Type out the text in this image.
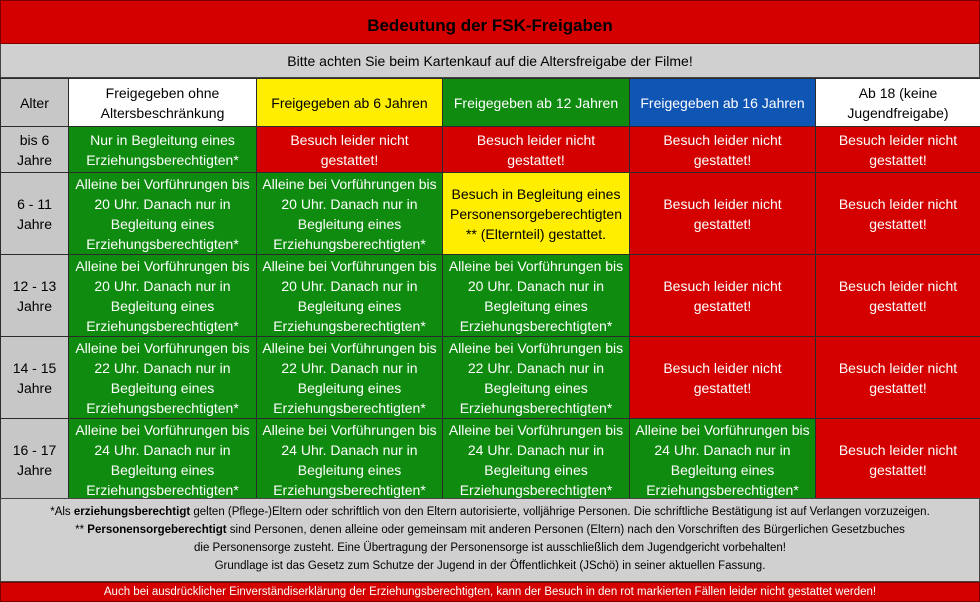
Bedeutung der FSK-Freigaben
Bitte achten Sie beim Kartenkauf auf die Altersfreigabe der Filme!
Alter	Freigegeben ohne Altersbeschränkung	Freigegeben ab 6 Jahren	Freigegeben ab 12 Jahren	Freigegeben ab 16 Jahren	Ab 18 (keine Jugendfreigabe)
bis 6 Jahre	Nur in Begleitung eines Erziehungsberechtigten*	Besuch leider nicht gestattet!	Besuch leider nicht gestattet!	Besuch leider nicht gestattet!	Besuch leider nicht gestattet!
6 - 11 Jahre	Alleine bei Vorführungen bis 20 Uhr. Danach nur in Begleitung eines Erziehungsberechtigten*	Alleine bei Vorführungen bis 20 Uhr. Danach nur in Begleitung eines Erziehungsberechtigten*	Besuch in Begleitung eines Personensorgeberechtigten ** (Elternteil) gestattet.	Besuch leider nicht gestattet!	Besuch leider nicht gestattet!
12 - 13 Jahre	Alleine bei Vorführungen bis 20 Uhr. Danach nur in Begleitung eines Erziehungsberechtigten*	Alleine bei Vorführungen bis 20 Uhr. Danach nur in Begleitung eines Erziehungsberechtigten*	Alleine bei Vorführungen bis 20 Uhr. Danach nur in Begleitung eines Erziehungsberechtigten*	Besuch leider nicht gestattet!	Besuch leider nicht gestattet!
14 - 15 Jahre	Alleine bei Vorführungen bis 22 Uhr. Danach nur in Begleitung eines Erziehungsberechtigten*	Alleine bei Vorführungen bis 22 Uhr. Danach nur in Begleitung eines Erziehungsberechtigten*	Alleine bei Vorführungen bis 22 Uhr. Danach nur in Begleitung eines Erziehungsberechtigten*	Besuch leider nicht gestattet!	Besuch leider nicht gestattet!
16 - 17 Jahre	Alleine bei Vorführungen bis 24 Uhr. Danach nur in Begleitung eines Erziehungsberechtigten*	Alleine bei Vorführungen bis 24 Uhr. Danach nur in Begleitung eines Erziehungsberechtigten*	Alleine bei Vorführungen bis 24 Uhr. Danach nur in Begleitung eines Erziehungsberechtigten*	Alleine bei Vorführungen bis 24 Uhr. Danach nur in Begleitung eines Erziehungsberechtigten*	Besuch leider nicht gestattet!
*Als erziehungsberechtigt gelten (Pflege-)Eltern oder schriftlich von den Eltern autorisierte, volljährige Personen. Die schriftliche Bestätigung ist auf Verlangen vorzuzeigen.
** Personensorgeberechtigt sind Personen, denen alleine oder gemeinsam mit anderen Personen (Eltern) nach den Vorschriften des Bürgerlichen Gesetzbuches
die Personensorge zusteht. Eine Übertragung der Personensorge ist ausschließlich dem Jugendgericht vorbehalten!
Grundlage ist das Gesetz zum Schutze der Jugend in der Öffentlichkeit (JSchö) in seiner aktuellen Fassung.
Auch bei ausdrücklicher Einverständiserklärung der Erziehungsberechtigten, kann der Besuch in den rot markierten Fällen leider nicht gestattet werden!
